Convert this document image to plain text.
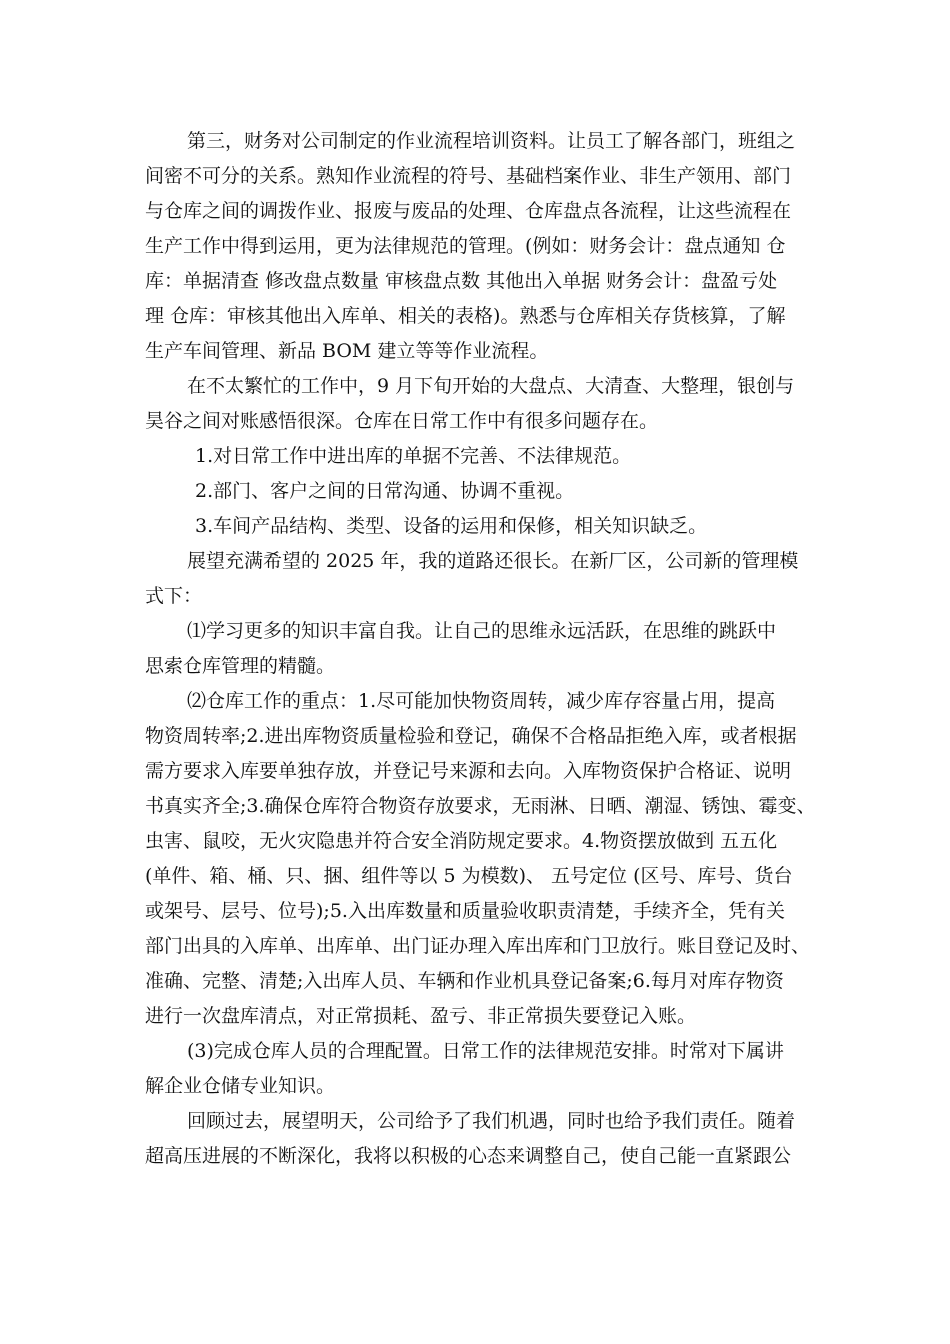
第三，财务对公司制定的作业流程培训资料。让员工了解各部门，班组之
间密不可分的关系。熟知作业流程的符号、基础档案作业、非生产领用、部门
与仓库之间的调拨作业、报废与废品的处理、仓库盘点各流程，让这些流程在
生产工作中得到运用，更为法律规范的管理。(例如：财务会计：盘点通知 仓
库：单据清查 修改盘点数量 审核盘点数 其他出入单据 财务会计：盘盈亏处
理 仓库：审核其他出入库单、相关的表格)。熟悉与仓库相关存货核算，了解
生产车间管理、新品 BOM 建立等等作业流程。
在不太繁忙的工作中，9 月下旬开始的大盘点、大清查、大整理，银创与
昊谷之间对账感悟很深。仓库在日常工作中有很多问题存在。
1.对日常工作中进出库的单据不完善、不法律规范。
2.部门、客户之间的日常沟通、协调不重视。
3.车间产品结构、类型、设备的运用和保修，相关知识缺乏。
展望充满希望的 2025 年，我的道路还很长。在新厂区，公司新的管理模
式下：
⑴学习更多的知识丰富自我。让自己的思维永远活跃，在思维的跳跃中
思索仓库管理的精髓。
⑵仓库工作的重点：1.尽可能加快物资周转，减少库存容量占用，提高
物资周转率;2.进出库物资质量检验和登记，确保不合格品拒绝入库，或者根据
需方要求入库要单独存放，并登记号来源和去向。入库物资保护合格证、说明
书真实齐全;3.确保仓库符合物资存放要求，无雨淋、日晒、潮湿、锈蚀、霉变、
虫害、鼠咬，无火灾隐患并符合安全消防规定要求。4.物资摆放做到 五五化
(单件、箱、桶、只、捆、组件等以 5 为模数)、 五号定位 (区号、库号、货台
或架号、层号、位号);5.入出库数量和质量验收职责清楚，手续齐全，凭有关
部门出具的入库单、出库单、出门证办理入库出库和门卫放行。账目登记及时、
准确、完整、清楚;入出库人员、车辆和作业机具登记备案;6.每月对库存物资
进行一次盘库清点，对正常损耗、盈亏、非正常损失要登记入账。
(3)完成仓库人员的合理配置。日常工作的法律规范安排。时常对下属讲
解企业仓储专业知识。
回顾过去，展望明天，公司给予了我们机遇，同时也给予我们责任。随着
超高压进展的不断深化，我将以积极的心态来调整自己，使自己能一直紧跟公
